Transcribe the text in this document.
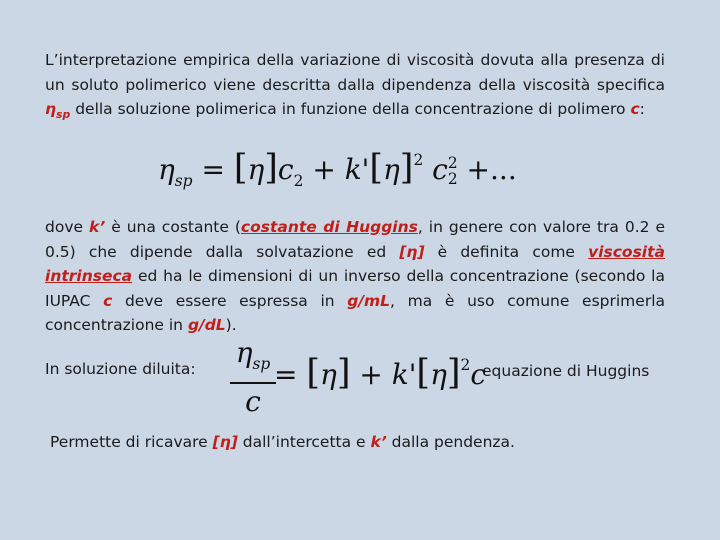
L’interpretazione empirica della variazione di viscosità dovuta alla presenza di un soluto polimerico viene descritta dalla dipendenza della viscosità specifica $\eta_{sp}$ della soluzione polimerica in funzione della concentrazione di polimero c:
$\eta_{sp} = [\eta]c_2 + k'[\eta]^2$ c 2
2 +...
dove k’ è una costante (costante di Huggins, in genere con valore tra 0.2 e 0.5) che dipende dalla solvatazione ed [η] è definita come viscosità intrinseca ed ha le dimensioni di un inverso della concentrazione (secondo la IUPAC c deve essere espressa in g/mL, ma è uso comune esprimerla concentrazione in g/dL).
In soluzione diluita: $\eta_{sp}$
c
= $[\eta] + k'[\eta]^2c$
equazione di Huggins
Permette di ricavare [η] dall’intercetta e k’ dalla pendenza.
